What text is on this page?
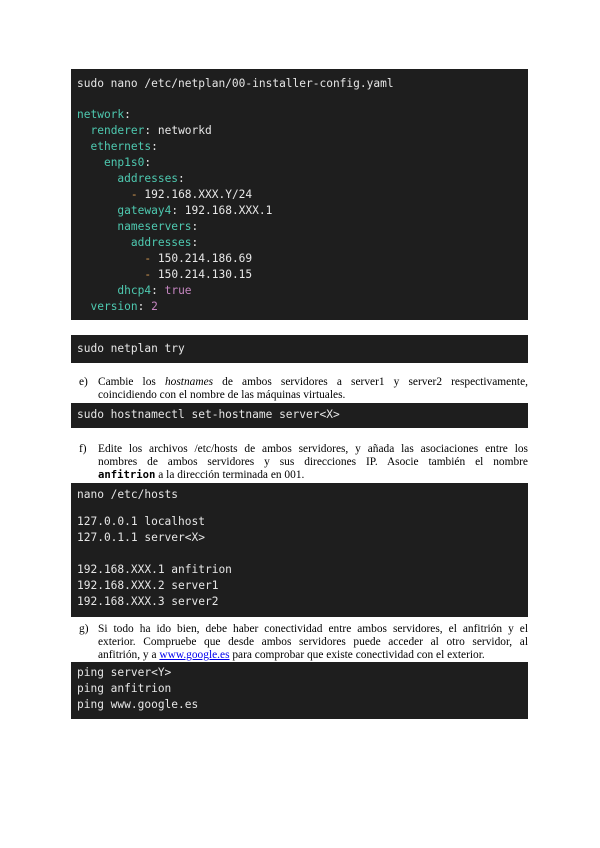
sudo nano /etc/netplan/00-installer-config.yaml
network:
renderer: networkd
ethernets:
enp1s0:
addresses:
- 192.168.XXX.Y/24
gateway4: 192.168.XXX.1
nameservers:
addresses:
- 150.214.186.69
- 150.214.130.15
dhcp4: true
version: 2
sudo netplan try
e) Cambie los hostnames de ambos servidores a server1 y server2 respectivamente,
coincidiendo con el nombre de las máquinas virtuales.
sudo hostnamectl set-hostname server<X>
f) Edite los archivos /etc/hosts de ambos servidores, y añada las asociaciones entre los
nombres de ambos servidores y sus direcciones IP. Asocie también el nombre
anfitrion a la dirección terminada en 001.
nano /etc/hosts
127.0.0.1 localhost
127.0.1.1 server<X>
192.168.XXX.1 anfitrion
192.168.XXX.2 server1
192.168.XXX.3 server2
g) Si todo ha ido bien, debe haber conectividad entre ambos servidores, el anfitrión y el
exterior. Compruebe que desde ambos servidores puede acceder al otro servidor, al
anfitrión, y a www.google.es para comprobar que existe conectividad con el exterior.
ping server<Y>
ping anfitrion
ping www.google.es
